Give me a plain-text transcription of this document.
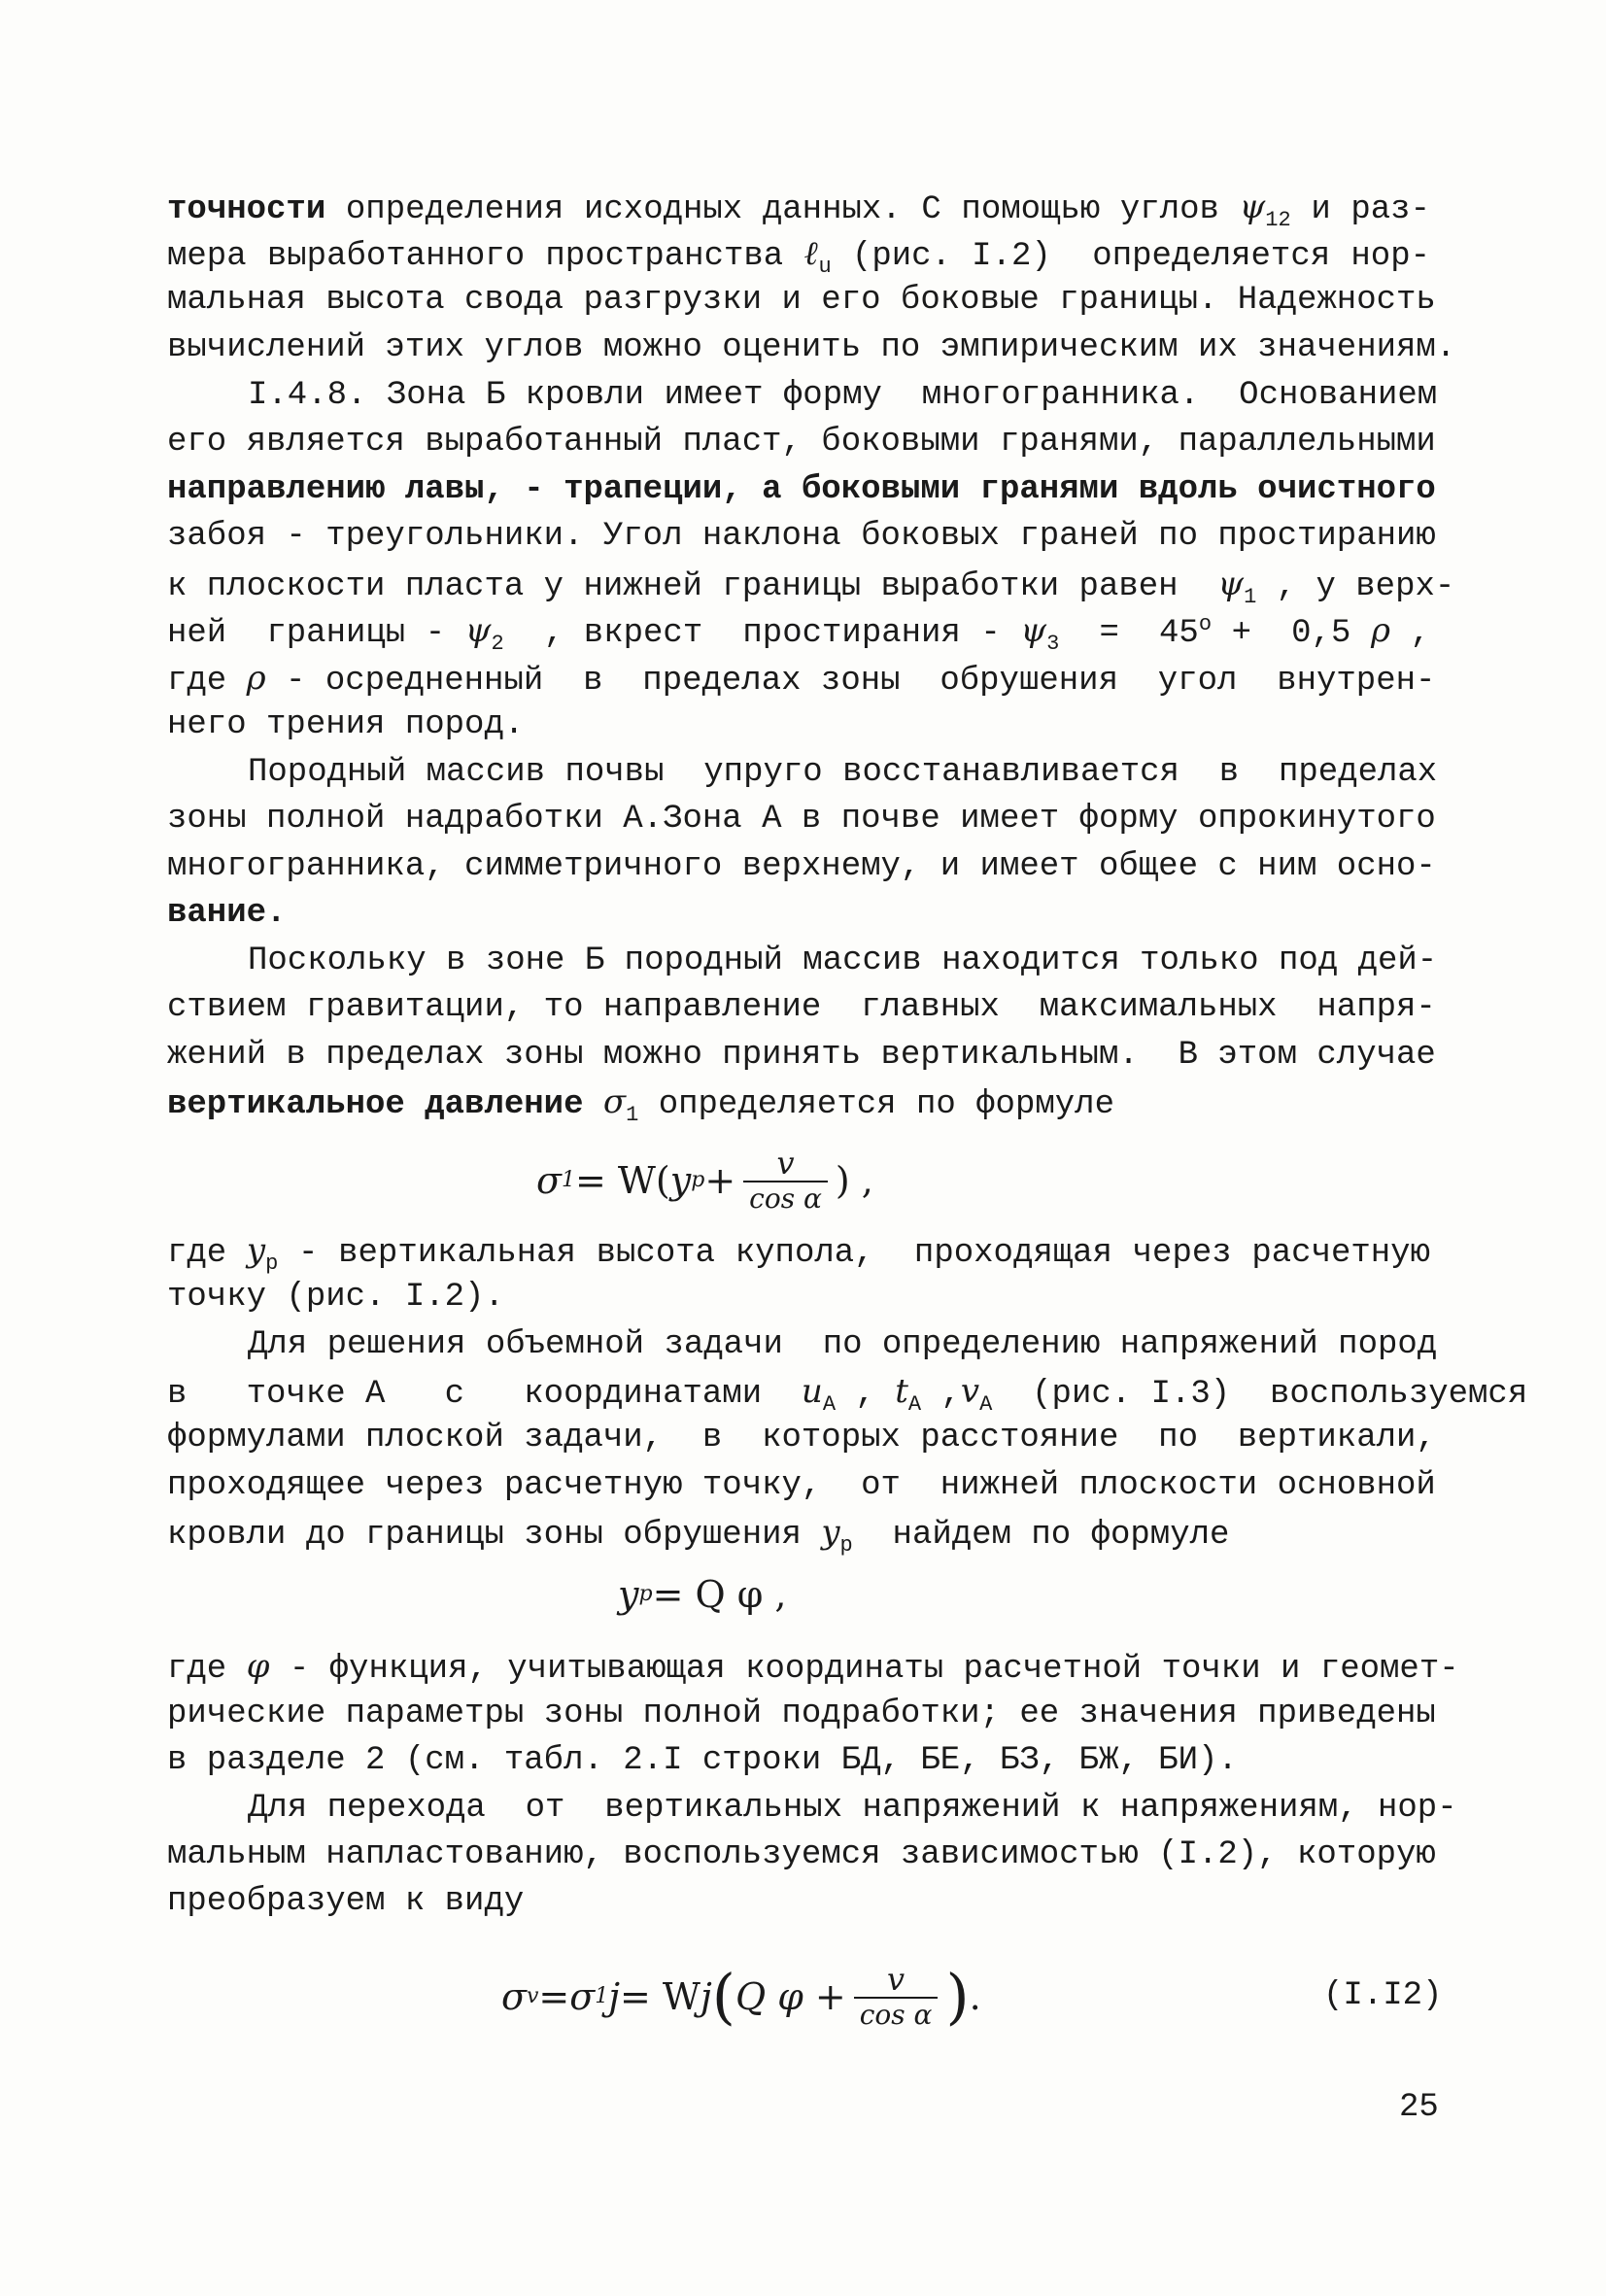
точности определения исходных данных. С помощью углов $\psi_{12}$ и раз-
мера выработанного пространства ℓ$_u$ (рис. I.2)  определяется нор-
мальная высота свода разгрузки и его боковые границы. Надежность
вычислений этих углов можно оценить по эмпирическим их значениям.
I.4.8. Зона Б кровли имеет форму  многогранника.  Основанием
его является выработанный пласт, боковыми гранями, параллельными
направлению лавы, - трапеции, а боковыми гранями вдоль очистного
забоя - треугольники. Угол наклона боковых граней по простиранию
к плоскости пласта у нижней границы выработки равен  $\psi_1$ , у верх-
ней  границы - $\psi_2$  , вкрест  простирания - $\psi_3 = 45^o + 0,5$ ρ ,
где ρ - осредненный  в  пределах зоны  обрушения  угол  внутрен-
него трения пород.
Породный массив почвы  упруго восстанавливается  в  пределах
зоны полной надработки А.Зона А в почве имеет форму опрокинутого
многогранника, симметричного верхнему, и имеет общее с ним осно-
вание.
Поскольку в зоне Б породный массив находится только под дей-
ствием гравитации, то направление  главных  максимальных  напря-
жений в пределах зоны можно принять вертикальным.  В этом случае
вертикальное давление $\sigma_1$ определяется по формуле
σ 1 = W( y $p + \frac{v}{\text{cos α}}$ ) ,
где $y_p$ - вертикальная высота купола,  проходящая через расчетную
точку (рис. I.2).
Для решения объемной задачи  по определению напряжений пород
в   точке А   с   координатами  $u_A$ , $t_A$ $,v_A$  (рис. I.3)  воспользуемся
формулами плоской задачи,  в  которых расстояние  по  вертикали,
проходящее через расчетную точку,  от  нижней плоскости основной
кровли до границы зоны обрушения $y_p$  найдем по формуле
y p = Q φ ,
где φ - функция, учитывающая координаты расчетной точки и геомет-
рические параметры зоны полной подработки; ее значения приведены
в разделе 2 (см. табл. 2.I строки БД, БЕ, БЗ, БЖ, БИ).
Для перехода  от  вертикальных напряжений к напряжениям, нор-
мальным напластованию, воспользуемся зависимостью (I.2), которую
преобразуем к виду
σ v = σ 1 j = W j ( Q $\varphi + \frac{v}{\text{cos α}}$ ) .	(I.I2)
25
